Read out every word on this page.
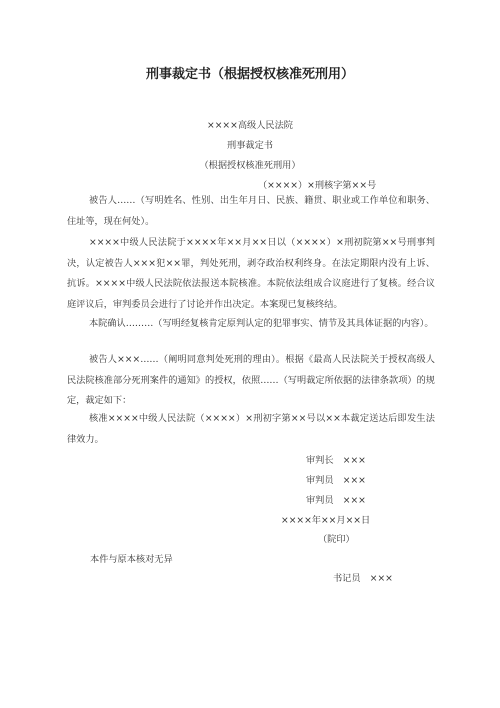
刑事裁定书（根据授权核准死刑用）
××××高级人民法院
刑事裁定书
（根据授权核准死刑用）
（××××）×刑核字第××号
被告人……（写明姓名、性别、出生年月日、民族、籍贯、职业或工作单位和职务、住址等，现在何处）。
××××中级人民法院于××××年××月××日以（××××）×刑初院第××号刑事判决，认定被告人×××犯××罪，判处死刑，剥夺政治权利终身。在法定期限内没有上诉、抗诉。××××中级人民法院依法报送本院核准。本院依法组成合议庭进行了复核。经合议庭评议后，审判委员会进行了讨论并作出决定。本案现已复核终结。
本院确认………（写明经复核肯定原判认定的犯罪事实、情节及其具体证据的内容）。
被告人×××……（阐明同意判处死刑的理由）。根据《最高人民法院关于授权高级人民法院核准部分死刑案件的通知》的授权，依照……（写明裁定所依据的法律条款项）的规定，裁定如下：
核准××××中级人民法院（××××）×刑初字第××号以××本裁定送达后即发生法律效力。
审判长　×××
审判员　×××
审判员　×××
××××年××月××日
（院印）
本件与原本核对无异
书记员　×××
